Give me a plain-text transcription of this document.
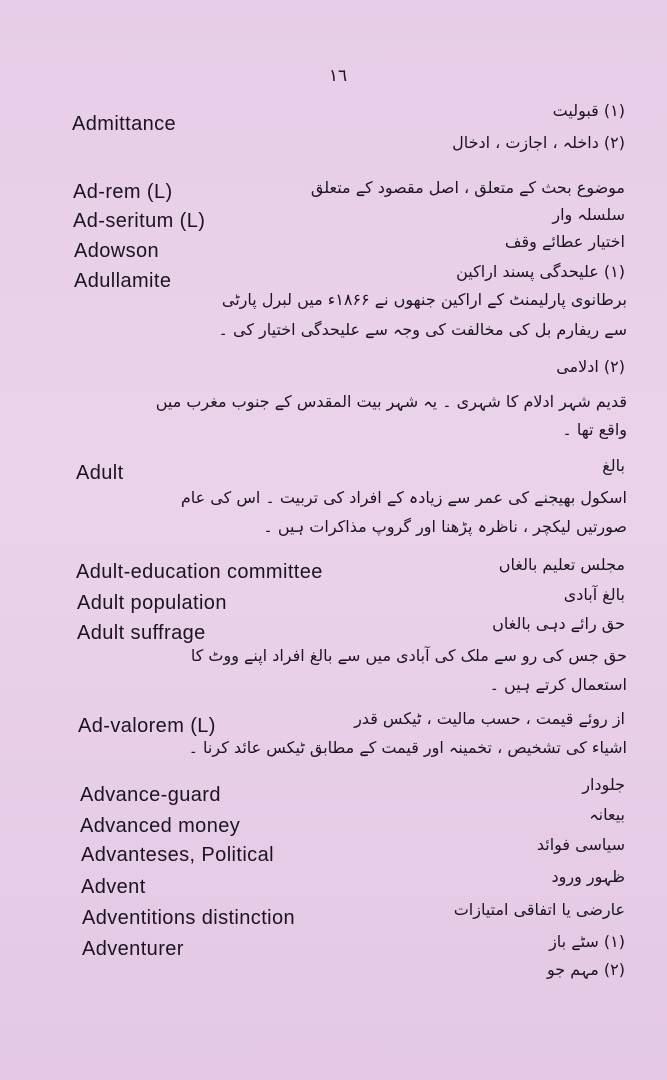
١٦
Admittance
Ad-rem (L)
Ad-seritum (L)
Adowson
Adullamite
Adult
Adult-education committee
Adult population
Adult suffrage
Ad-valorem (L)
Advance-guard
Advanced money
Advanteses, Political
Advent
Adventitions distinction
Adventurer
(۱) قبولیت
(۲) داخلہ ، اجازت ، ادخال
موضوع بحث کے متعلق ، اصل مقصود کے متعلق
سلسلہ وار
اختیار عطائے وقف
(۱) علیحدگی پسند اراکین
برطانوی پارلیمنٹ کے اراکین جنھوں نے ۱۸۶۶ء میں لبرل پارٹی
سے ریفارم بل کی مخالفت کی وجہ سے علیحدگی اختیار کی ۔
(۲) ادلامی
قدیم شہر ادلام کا شہری ۔ یہ شہر بیت المقدس کے جنوب مغرب میں
واقع تھا ۔
بالغ
اسکول بھیجنے کی عمر سے زیادہ کے افراد کی تربیت ۔ اس کی عام
صورتیں لیکچر ، ناظرہ پڑھنا اور گروپ مذاکرات ہیں ۔
مجلس تعلیم بالغاں
بالغ آبادی
حق رائے دہی بالغاں
حق جس کی رو سے ملک کی آبادی میں سے بالغ افراد اپنے ووٹ کا
استعمال کرتے ہیں ۔
از روئے قیمت ، حسب مالیت ، ٹیکس قدر
اشیاء کی تشخیص ، تخمینہ اور قیمت کے مطابق ٹیکس عائد کرنا ۔
جلودار
بیعانہ
سیاسی فوائد
ظہور ورود
عارضی یا اتفاقی امتیازات
(۱) سٹے باز
(۲) مہم جو
